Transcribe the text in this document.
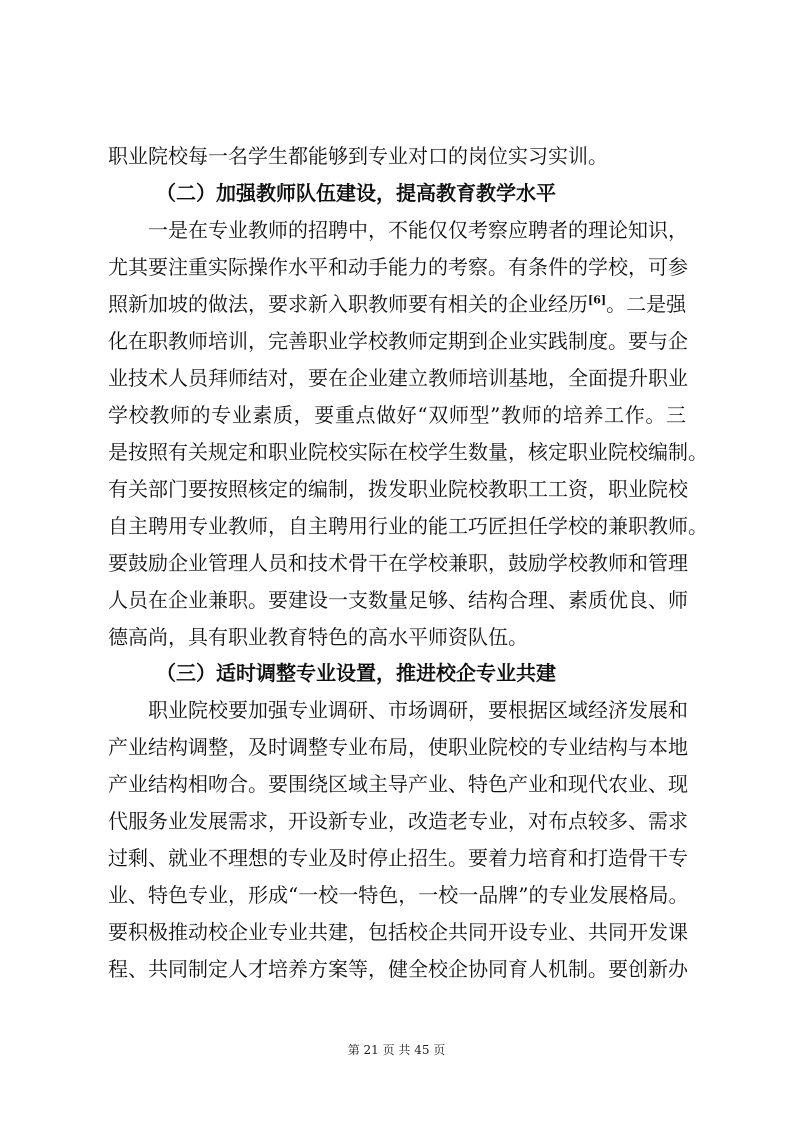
职业院校每一名学生都能够到专业对口的岗位实习实训。
（二）加强教师队伍建设，提高教育教学水平
一是在专业教师的招聘中，不能仅仅考察应聘者的理论知识，
尤其要注重实际操作水平和动手能力的考察。有条件的学校，可参
照新加坡的做法，要求新入职教师要有相关的企业经历[6]。二是强
化在职教师培训，完善职业学校教师定期到企业实践制度。要与企
业技术人员拜师结对，要在企业建立教师培训基地，全面提升职业
学校教师的专业素质，要重点做好“双师型”教师的培养工作。三
是按照有关规定和职业院校实际在校学生数量，核定职业院校编制。
有关部门要按照核定的编制，拨发职业院校教职工工资，职业院校
自主聘用专业教师，自主聘用行业的能工巧匠担任学校的兼职教师。
要鼓励企业管理人员和技术骨干在学校兼职，鼓励学校教师和管理
人员在企业兼职。要建设一支数量足够、结构合理、素质优良、师
德高尚，具有职业教育特色的高水平师资队伍。
（三）适时调整专业设置，推进校企专业共建
职业院校要加强专业调研、市场调研，要根据区域经济发展和
产业结构调整，及时调整专业布局，使职业院校的专业结构与本地
产业结构相吻合。要围绕区域主导产业、特色产业和现代农业、现
代服务业发展需求，开设新专业，改造老专业，对布点较多、需求
过剩、就业不理想的专业及时停止招生。要着力培育和打造骨干专
业、特色专业，形成“一校一特色，一校一品牌”的专业发展格局。
要积极推动校企业专业共建，包括校企共同开设专业、共同开发课
程、共同制定人才培养方案等，健全校企协同育人机制。要创新办
第 21 页 共 45 页
